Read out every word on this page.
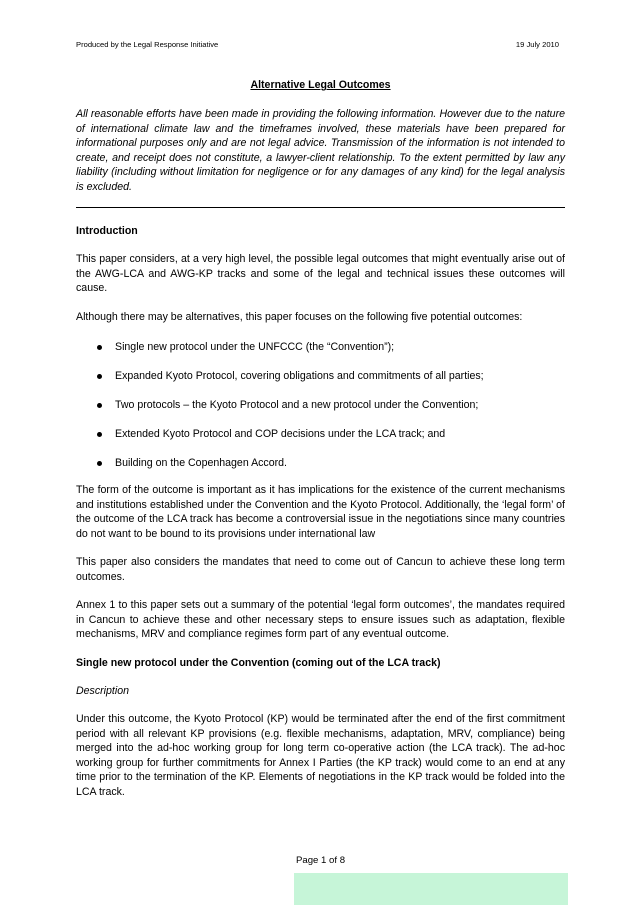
Produced by the Legal Response Initiative	19 July 2010
Alternative Legal Outcomes
All reasonable efforts have been made in providing the following information. However due to the nature of international climate law and the timeframes involved, these materials have been prepared for informational purposes only and are not legal advice. Transmission of the information is not intended to create, and receipt does not constitute, a lawyer-client relationship. To the extent permitted by law any liability (including without limitation for negligence or for any damages of any kind) for the legal analysis is excluded.
Introduction

This paper considers, at a very high level, the possible legal outcomes that might eventually arise out of the AWG-LCA and AWG-KP tracks and some of the legal and technical issues these outcomes will cause.

Although there may be alternatives, this paper focuses on the following five potential outcomes:

Single new protocol under the UNFCCC (the “Convention”);
Expanded Kyoto Protocol, covering obligations and commitments of all parties;
Two protocols – the Kyoto Protocol and a new protocol under the Convention;
Extended Kyoto Protocol and COP decisions under the LCA track; and
Building on the Copenhagen Accord.

The form of the outcome is important as it has implications for the existence of the current mechanisms and institutions established under the Convention and the Kyoto Protocol. Additionally, the ‘legal form’ of the outcome of the LCA track has become a controversial issue in the negotiations since many countries do not want to be bound to its provisions under international law

This paper also considers the mandates that need to come out of Cancun to achieve these long term outcomes.

Annex 1 to this paper sets out a summary of the potential ‘legal form outcomes’, the mandates required in Cancun to achieve these and other necessary steps to ensure issues such as adaptation, flexible mechanisms, MRV and compliance regimes form part of any eventual outcome.

Single new protocol under the Convention (coming out of the LCA track)
Description

Under this outcome, the Kyoto Protocol (KP) would be terminated after the end of the first commitment period with all relevant KP provisions (e.g. flexible mechanisms, adaptation, MRV, compliance) being merged into the ad-hoc working group for long term co-operative action (the LCA track). The ad-hoc working group for further commitments for Annex I Parties (the KP track) would come to an end at any time prior to the termination of the KP. Elements of negotiations in the KP track would be folded into the LCA track.

Page 1 of 8
